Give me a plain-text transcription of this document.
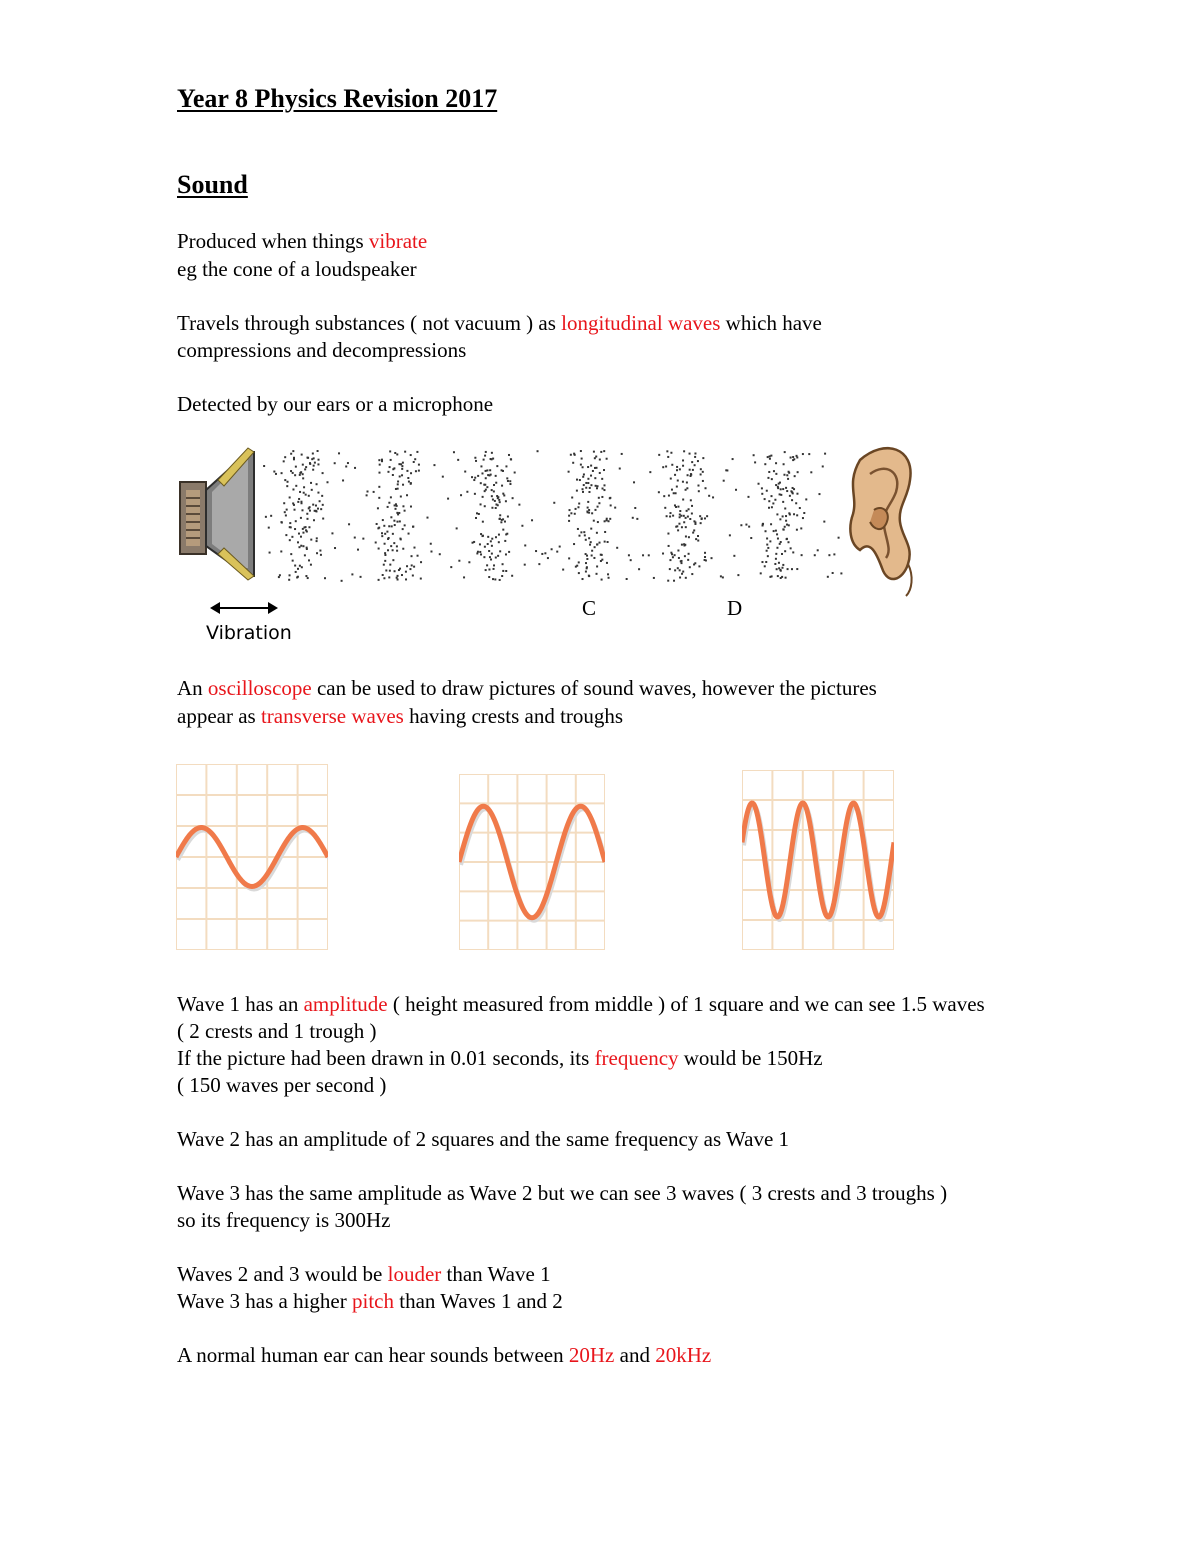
Year 8 Physics Revision 2017
Sound

Produced when things vibrate

eg the cone of a loudspeaker

Travels through substances ( not vacuum ) as longitudinal waves which have

compressions and decompressions

Detected by our ears or a microphone

C	D
Vibration

An oscilloscope can be used to draw pictures of sound waves, however the pictures

appear as transverse waves having crests and troughs

Wave 1 has an amplitude ( height measured from middle ) of 1 square and we can see 1.5 waves

( 2 crests and 1 trough )

If the picture had been drawn in 0.01 seconds, its frequency would be 150Hz

( 150 waves per second )

Wave 2 has an amplitude of 2 squares and the same frequency as Wave 1

Wave 3 has the same amplitude as Wave 2 but we can see 3 waves ( 3 crests and 3 troughs )

so its frequency is 300Hz

Waves 2 and 3 would be louder than Wave 1

Wave 3 has a higher pitch than Waves 1 and 2

A normal human ear can hear sounds between 20Hz and 20kHz
